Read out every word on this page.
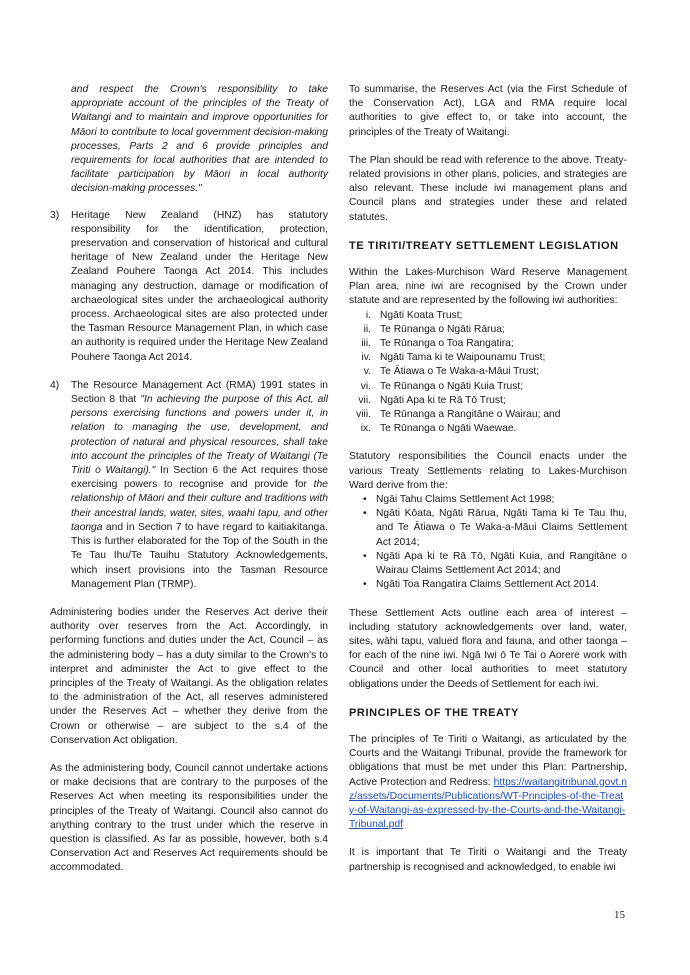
and respect the Crown's responsibility to take appropriate account of the principles of the Treaty of Waitangi and to maintain and improve opportunities for Māori to contribute to local government decision-making processes, Parts 2 and 6 provide principles and requirements for local authorities that are intended to facilitate participation by Māori in local authority decision-making processes."

3)	Heritage New Zealand (HNZ) has statutory responsibility for the identification, protection, preservation and conservation of historical and cultural heritage of New Zealand under the Heritage New Zealand Pouhere Taonga Act 2014. This includes managing any destruction, damage or modification of archaeological sites under the archaeological authority process. Archaeological sites are also protected under the Tasman Resource Management Plan, in which case an authority is required under the Heritage New Zealand Pouhere Taonga Act 2014.
4)	The Resource Management Act (RMA) 1991 states in Section 8 that "In achieving the purpose of this Act, all persons exercising functions and powers under it, in relation to managing the use, development, and protection of natural and physical resources, shall take into account the principles of the Treaty of Waitangi (Te Tiriti o Waitangi)." In Section 6 the Act requires those exercising powers to recognise and provide for the relationship of Māori and their culture and traditions with their ancestral lands, water, sites, waahi tapu, and other taonga and in Section 7 to have regard to kaitiakitanga. This is further elaborated for the Top of the South in the Te Tau Ihu/Te Tauihu Statutory Acknowledgements, which insert provisions into the Tasman Resource Management Plan (TRMP).

Administering bodies under the Reserves Act derive their authority over reserves from the Act. Accordingly, in performing functions and duties under the Act, Council – as the administering body – has a duty similar to the Crown's to interpret and administer the Act to give effect to the principles of the Treaty of Waitangi. As the obligation relates to the administration of the Act, all reserves administered under the Reserves Act – whether they derive from the Crown or otherwise – are subject to the s.4 of the Conservation Act obligation.

As the administering body, Council cannot undertake actions or make decisions that are contrary to the purposes of the Reserves Act when meeting its responsibilities under the principles of the Treaty of Waitangi. Council also cannot do anything contrary to the trust under which the reserve in question is classified. As far as possible, however, both s.4 Conservation Act and Reserves Act requirements should be accommodated.

To summarise, the Reserves Act (via the First Schedule of the Conservation Act), LGA and RMA require local authorities to give effect to, or take into account, the principles of the Treaty of Waitangi.

The Plan should be read with reference to the above. Treaty-related provisions in other plans, policies, and strategies are also relevant. These include iwi management plans and Council plans and strategies under these and related statutes.

TE TIRITI/TREATY SETTLEMENT LEGISLATION

Within the Lakes-Murchison Ward Reserve Management Plan area, nine iwi are recognised by the Crown under statute and are represented by the following iwi authorities:

i. Ngāti Koata Trust;
ii. Te Rūnanga o Ngāti Rārua;
iii. Te Rūnanga o Toa Rangatira;
iv. Ngāti Tama ki te Waipounamu Trust;
v. Te Ātiawa o Te Waka-a-Māui Trust;
vi. Te Rūnanga o Ngāti Kuia Trust;
vii. Ngāti Apa ki te Rā Tō Trust;
viii. Te Rūnanga a Rangitāne o Wairau; and
ix. Te Rūnanga o Ngāti Waewae.

Statutory responsibilities the Council enacts under the various Treaty Settlements relating to Lakes-Murchison Ward derive from the:

• Ngāi Tahu Claims Settlement Act 1998;
• Ngāti Kōata, Ngāti Rārua, Ngāti Tama ki Te Tau Ihu, and Te Ātiawa o Te Waka-a-Māui Claims Settlement Act 2014;
• Ngāti Apa ki te Rā Tō, Ngāti Kuia, and Rangitāne o Wairau Claims Settlement Act 2014; and
• Ngāti Toa Rangatira Claims Settlement Act 2014.

These Settlement Acts outline each area of interest – including statutory acknowledgements over land, water, sites, wāhi tapu, valued flora and fauna, and other taonga – for each of the nine iwi. Ngā Iwi ō Te Tai o Aorere work with Council and other local authorities to meet statutory obligations under the Deeds of Settlement for each iwi.

PRINCIPLES OF THE TREATY

The principles of Te Tiriti o Waitangi, as articulated by the Courts and the Waitangi Tribunal, provide the framework for obligations that must be met under this Plan: Partnership, Active Protection and Redress: https://waitangitribunal.govt.nz/assets/Documents/Publications/WT-Principles-of-the-Treaty-of-Waitangi-as-expressed-by-the-Courts-and-the-Waitangi-Tribunal.pdf

It is important that Te Tiriti o Waitangi and the Treaty partnership is recognised and acknowledged, to enable iwi

15
